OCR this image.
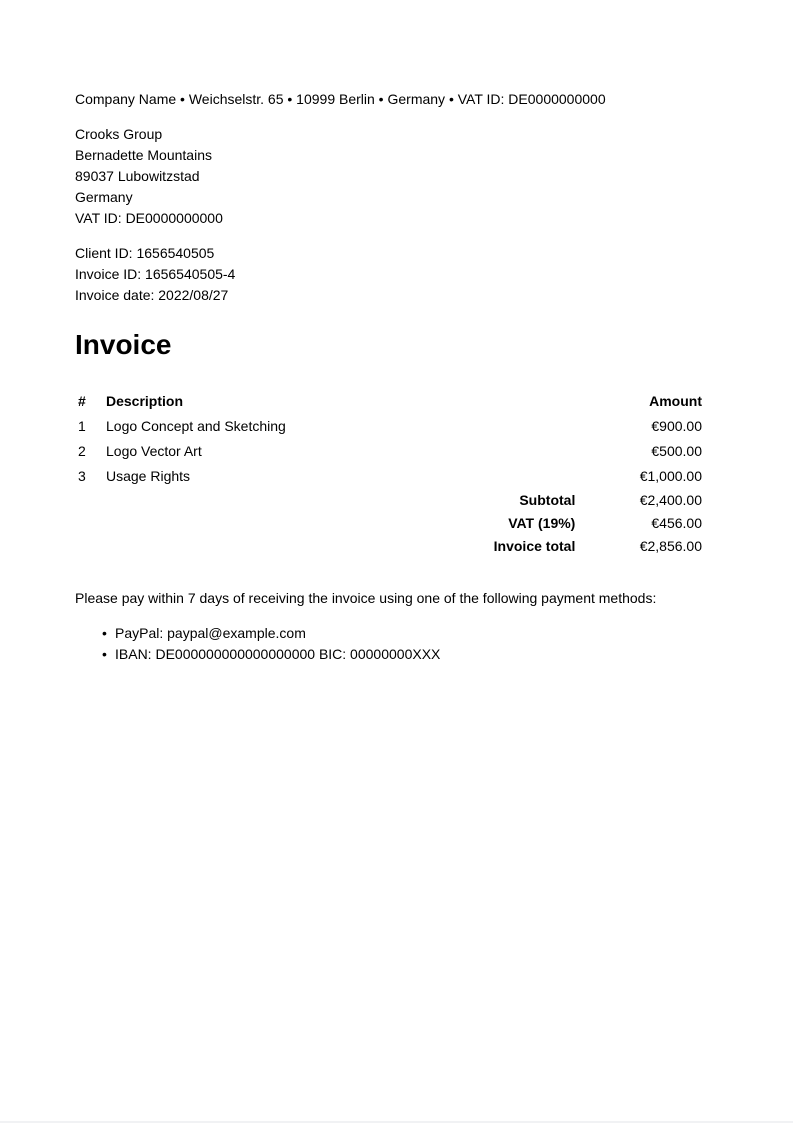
Company Name • Weichselstr. 65 • 10999 Berlin • Germany • VAT ID: DE0000000000

Crooks Group
Bernadette Mountains
89037 Lubowitzstad
Germany
VAT ID: DE0000000000
Client ID: 1656540505
Invoice ID: 1656540505-4
Invoice date: 2022/08/27
Invoice
#	Description		Amount
1	Logo Concept and Sketching		€900.00
2	Logo Vector Art		€500.00
3	Usage Rights		€1,000.00
		Subtotal	€2,400.00
		VAT (19%)	€456.00
		Invoice total	€2,856.00

Please pay within 7 days of receiving the invoice using one of the following payment methods:

• PayPal: paypal@example.com
• IBAN: DE000000000000000000 BIC: 00000000XXX
